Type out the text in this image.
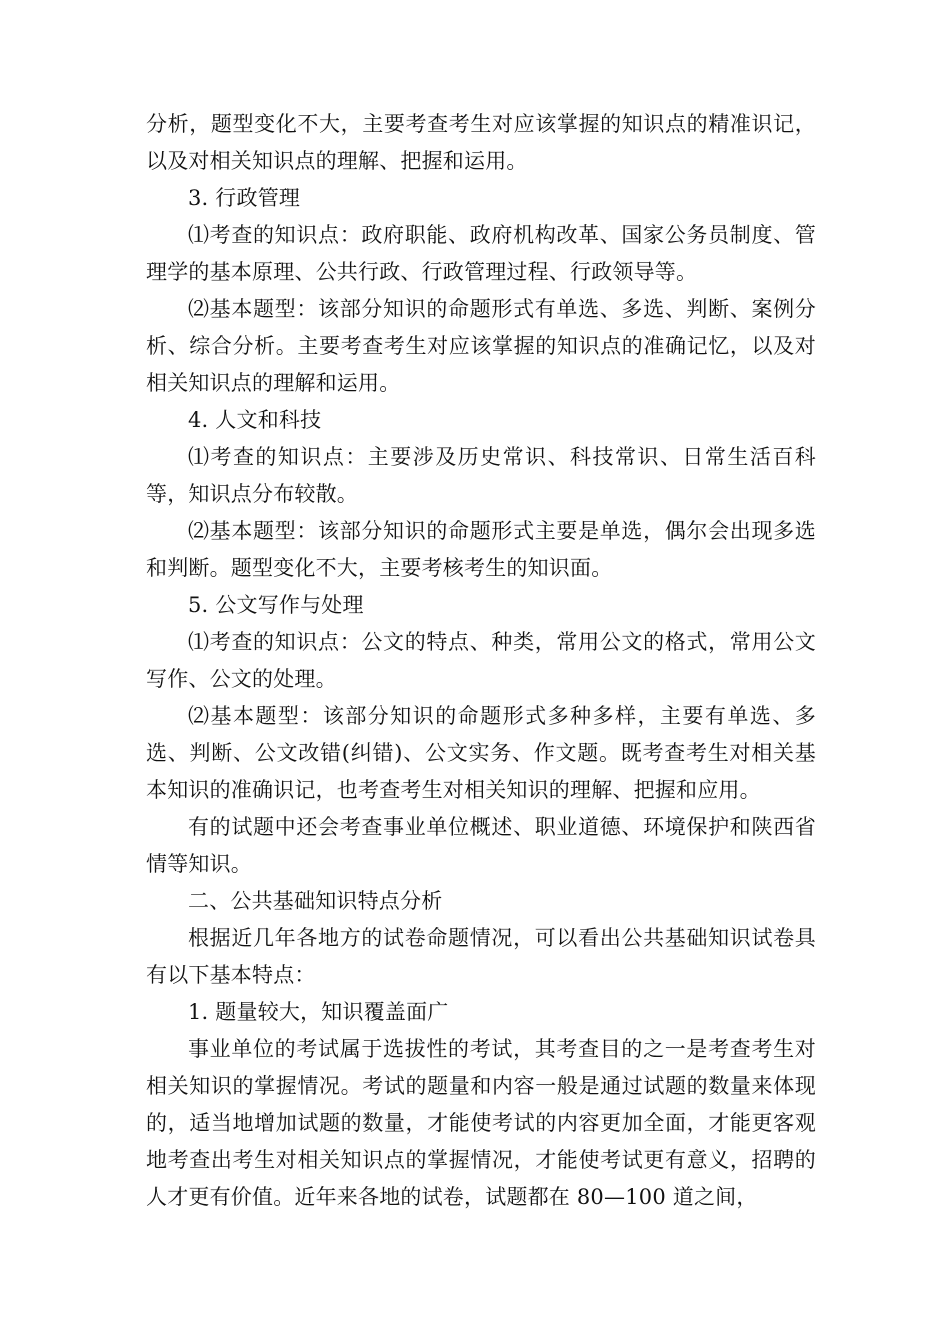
分析，题型变化不大，主要考查考生对应该掌握的知识点的精准识记，以及对相关知识点的理解、把握和运用。

3. 行政管理

⑴考查的知识点：政府职能、政府机构改革、国家公务员制度、管理学的基本原理、公共行政、行政管理过程、行政领导等。

⑵基本题型：该部分知识的命题形式有单选、多选、判断、案例分析、综合分析。主要考查考生对应该掌握的知识点的准确记忆，以及对相关知识点的理解和运用。

4. 人文和科技

⑴考查的知识点：主要涉及历史常识、科技常识、日常生活百科等，知识点分布较散。

⑵基本题型：该部分知识的命题形式主要是单选，偶尔会出现多选和判断。题型变化不大，主要考核考生的知识面。

5. 公文写作与处理

⑴考查的知识点：公文的特点、种类，常用公文的格式，常用公文写作、公文的处理。

⑵基本题型：该部分知识的命题形式多种多样，主要有单选、多选、判断、公文改错(纠错)、公文实务、作文题。既考查考生对相关基本知识的准确识记，也考查考生对相关知识的理解、把握和应用。

有的试题中还会考查事业单位概述、职业道德、环境保护和陕西省情等知识。

二、公共基础知识特点分析

根据近几年各地方的试卷命题情况，可以看出公共基础知识试卷具有以下基本特点：

1. 题量较大，知识覆盖面广

事业单位的考试属于选拔性的考试，其考查目的之一是考查考生对相关知识的掌握情况。考试的题量和内容一般是通过试题的数量来体现的，适当地增加试题的数量，才能使考试的内容更加全面，才能更客观地考查出考生对相关知识点的掌握情况，才能使考试更有意义，招聘的人才更有价值。近年来各地的试卷，试题都在 80—100 道之间，
